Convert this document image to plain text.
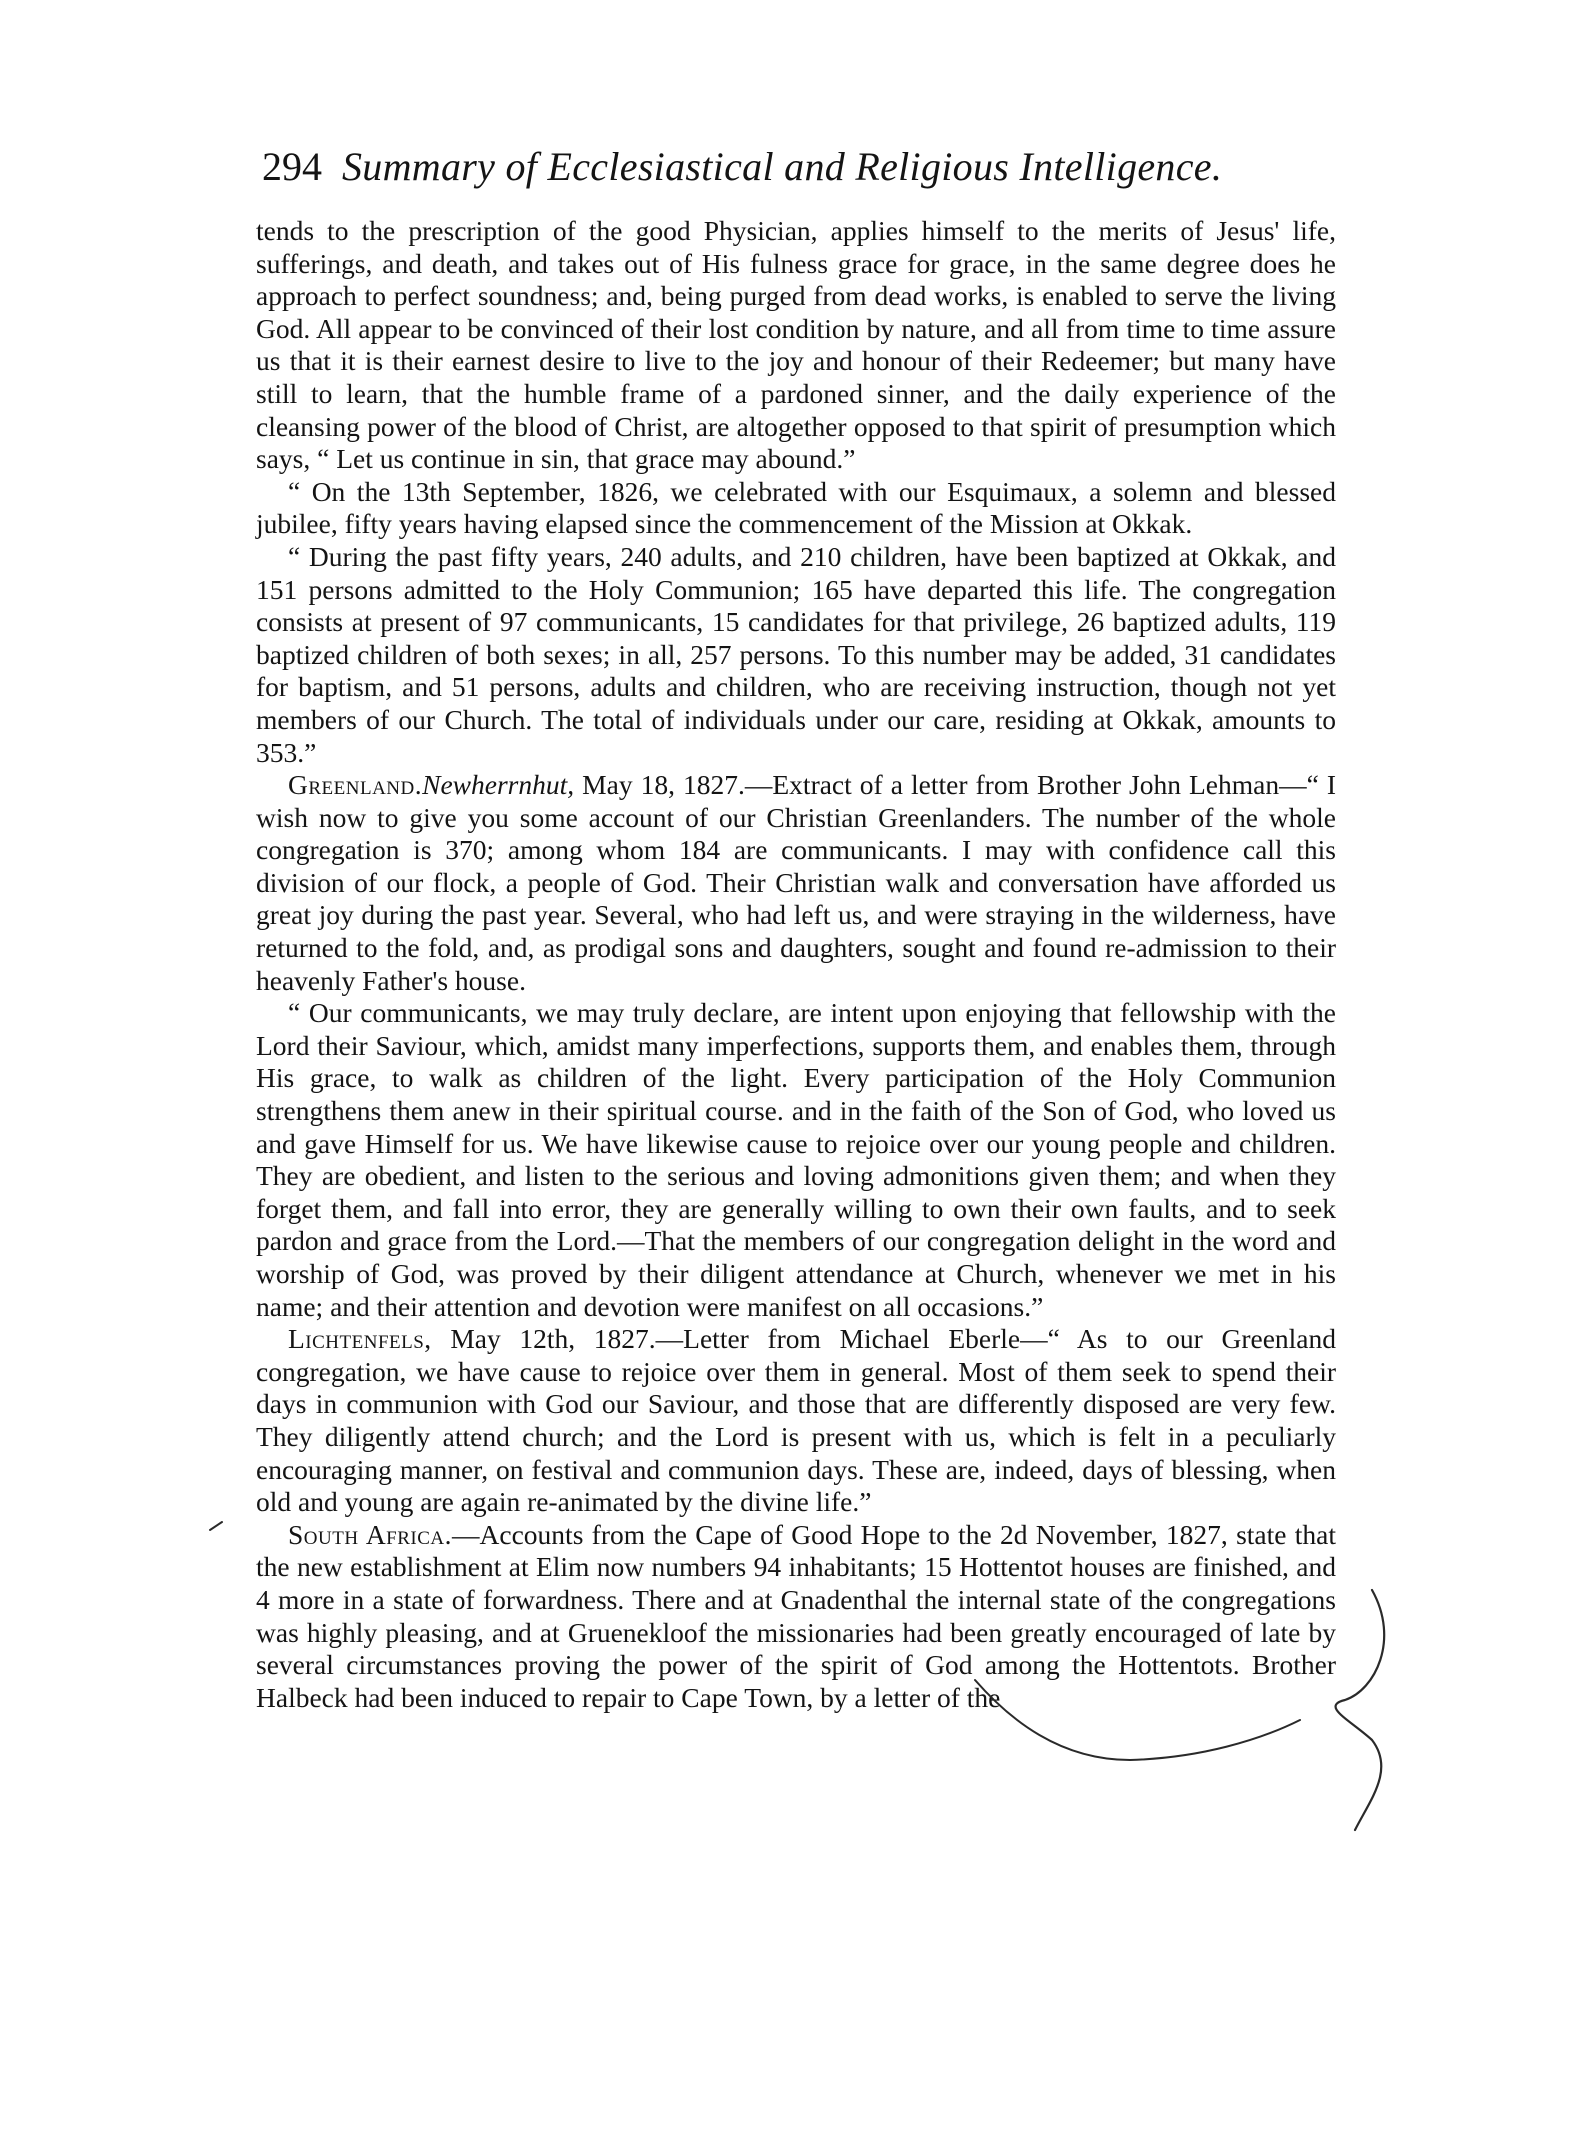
294 Summary of Ecclesiastical and Religious Intelligence.

tends to the prescription of the good Physician, applies himself to the merits of Jesus' life, sufferings, and death, and takes out of His fulness grace for grace, in the same degree does he approach to perfect soundness; and, being purged from dead works, is enabled to serve the living God. All appear to be convinced of their lost condition by nature, and all from time to time assure us that it is their earnest desire to live to the joy and honour of their Redeemer; but many have still to learn, that the humble frame of a pardoned sinner, and the daily experience of the cleansing power of the blood of Christ, are altogether opposed to that spirit of presumption which says, “ Let us continue in sin, that grace may abound.”

“ On the 13th September, 1826, we celebrated with our Esquimaux, a solemn and blessed jubilee, fifty years having elapsed since the commencement of the Mission at Okkak.

“ During the past fifty years, 240 adults, and 210 children, have been baptized at Okkak, and 151 persons admitted to the Holy Communion; 165 have departed this life. The congregation consists at present of 97 communicants, 15 candidates for that privilege, 26 baptized adults, 119 baptized children of both sexes; in all, 257 persons. To this number may be added, 31 candidates for baptism, and 51 persons, adults and children, who are receiving instruction, though not yet members of our Church. The total of individuals under our care, residing at Okkak, amounts to 353.”

Greenland.Newherrnhut, May 18, 1827.—Extract of a letter from Brother John Lehman—“ I wish now to give you some account of our Christian Greenlanders. The number of the whole congregation is 370; among whom 184 are communicants. I may with confidence call this division of our flock, a people of God. Their Christian walk and conversation have afforded us great joy during the past year. Several, who had left us, and were straying in the wilderness, have returned to the fold, and, as prodigal sons and daughters, sought and found re-admission to their heavenly Father's house.

“ Our communicants, we may truly declare, are intent upon enjoying that fellowship with the Lord their Saviour, which, amidst many imperfections, supports them, and enables them, through His grace, to walk as children of the light. Every participation of the Holy Communion strengthens them anew in their spiritual course. and in the faith of the Son of God, who loved us and gave Himself for us. We have likewise cause to rejoice over our young people and children. They are obedient, and listen to the serious and loving admonitions given them; and when they forget them, and fall into error, they are generally willing to own their own faults, and to seek pardon and grace from the Lord.—That the members of our congregation delight in the word and worship of God, was proved by their diligent attendance at Church, whenever we met in his name; and their attention and devotion were manifest on all occasions.”

Lichtenfels, May 12th, 1827.—Letter from Michael Eberle—“ As to our Greenland congregation, we have cause to rejoice over them in general. Most of them seek to spend their days in communion with God our Saviour, and those that are differently disposed are very few. They diligently attend church; and the Lord is present with us, which is felt in a peculiarly encouraging manner, on festival and communion days. These are, indeed, days of blessing, when old and young are again re-animated by the divine life.”

South Africa.—Accounts from the Cape of Good Hope to the 2d November, 1827, state that the new establishment at Elim now numbers 94 inhabitants; 15 Hottentot houses are finished, and 4 more in a state of forwardness. There and at Gnadenthal the internal state of the congregations was highly pleasing, and at Gruenekloof the missionaries had been greatly encouraged of late by several circumstances proving the power of the spirit of God among the Hottentots. Brother Halbeck had been induced to repair to Cape Town, by a letter of the
